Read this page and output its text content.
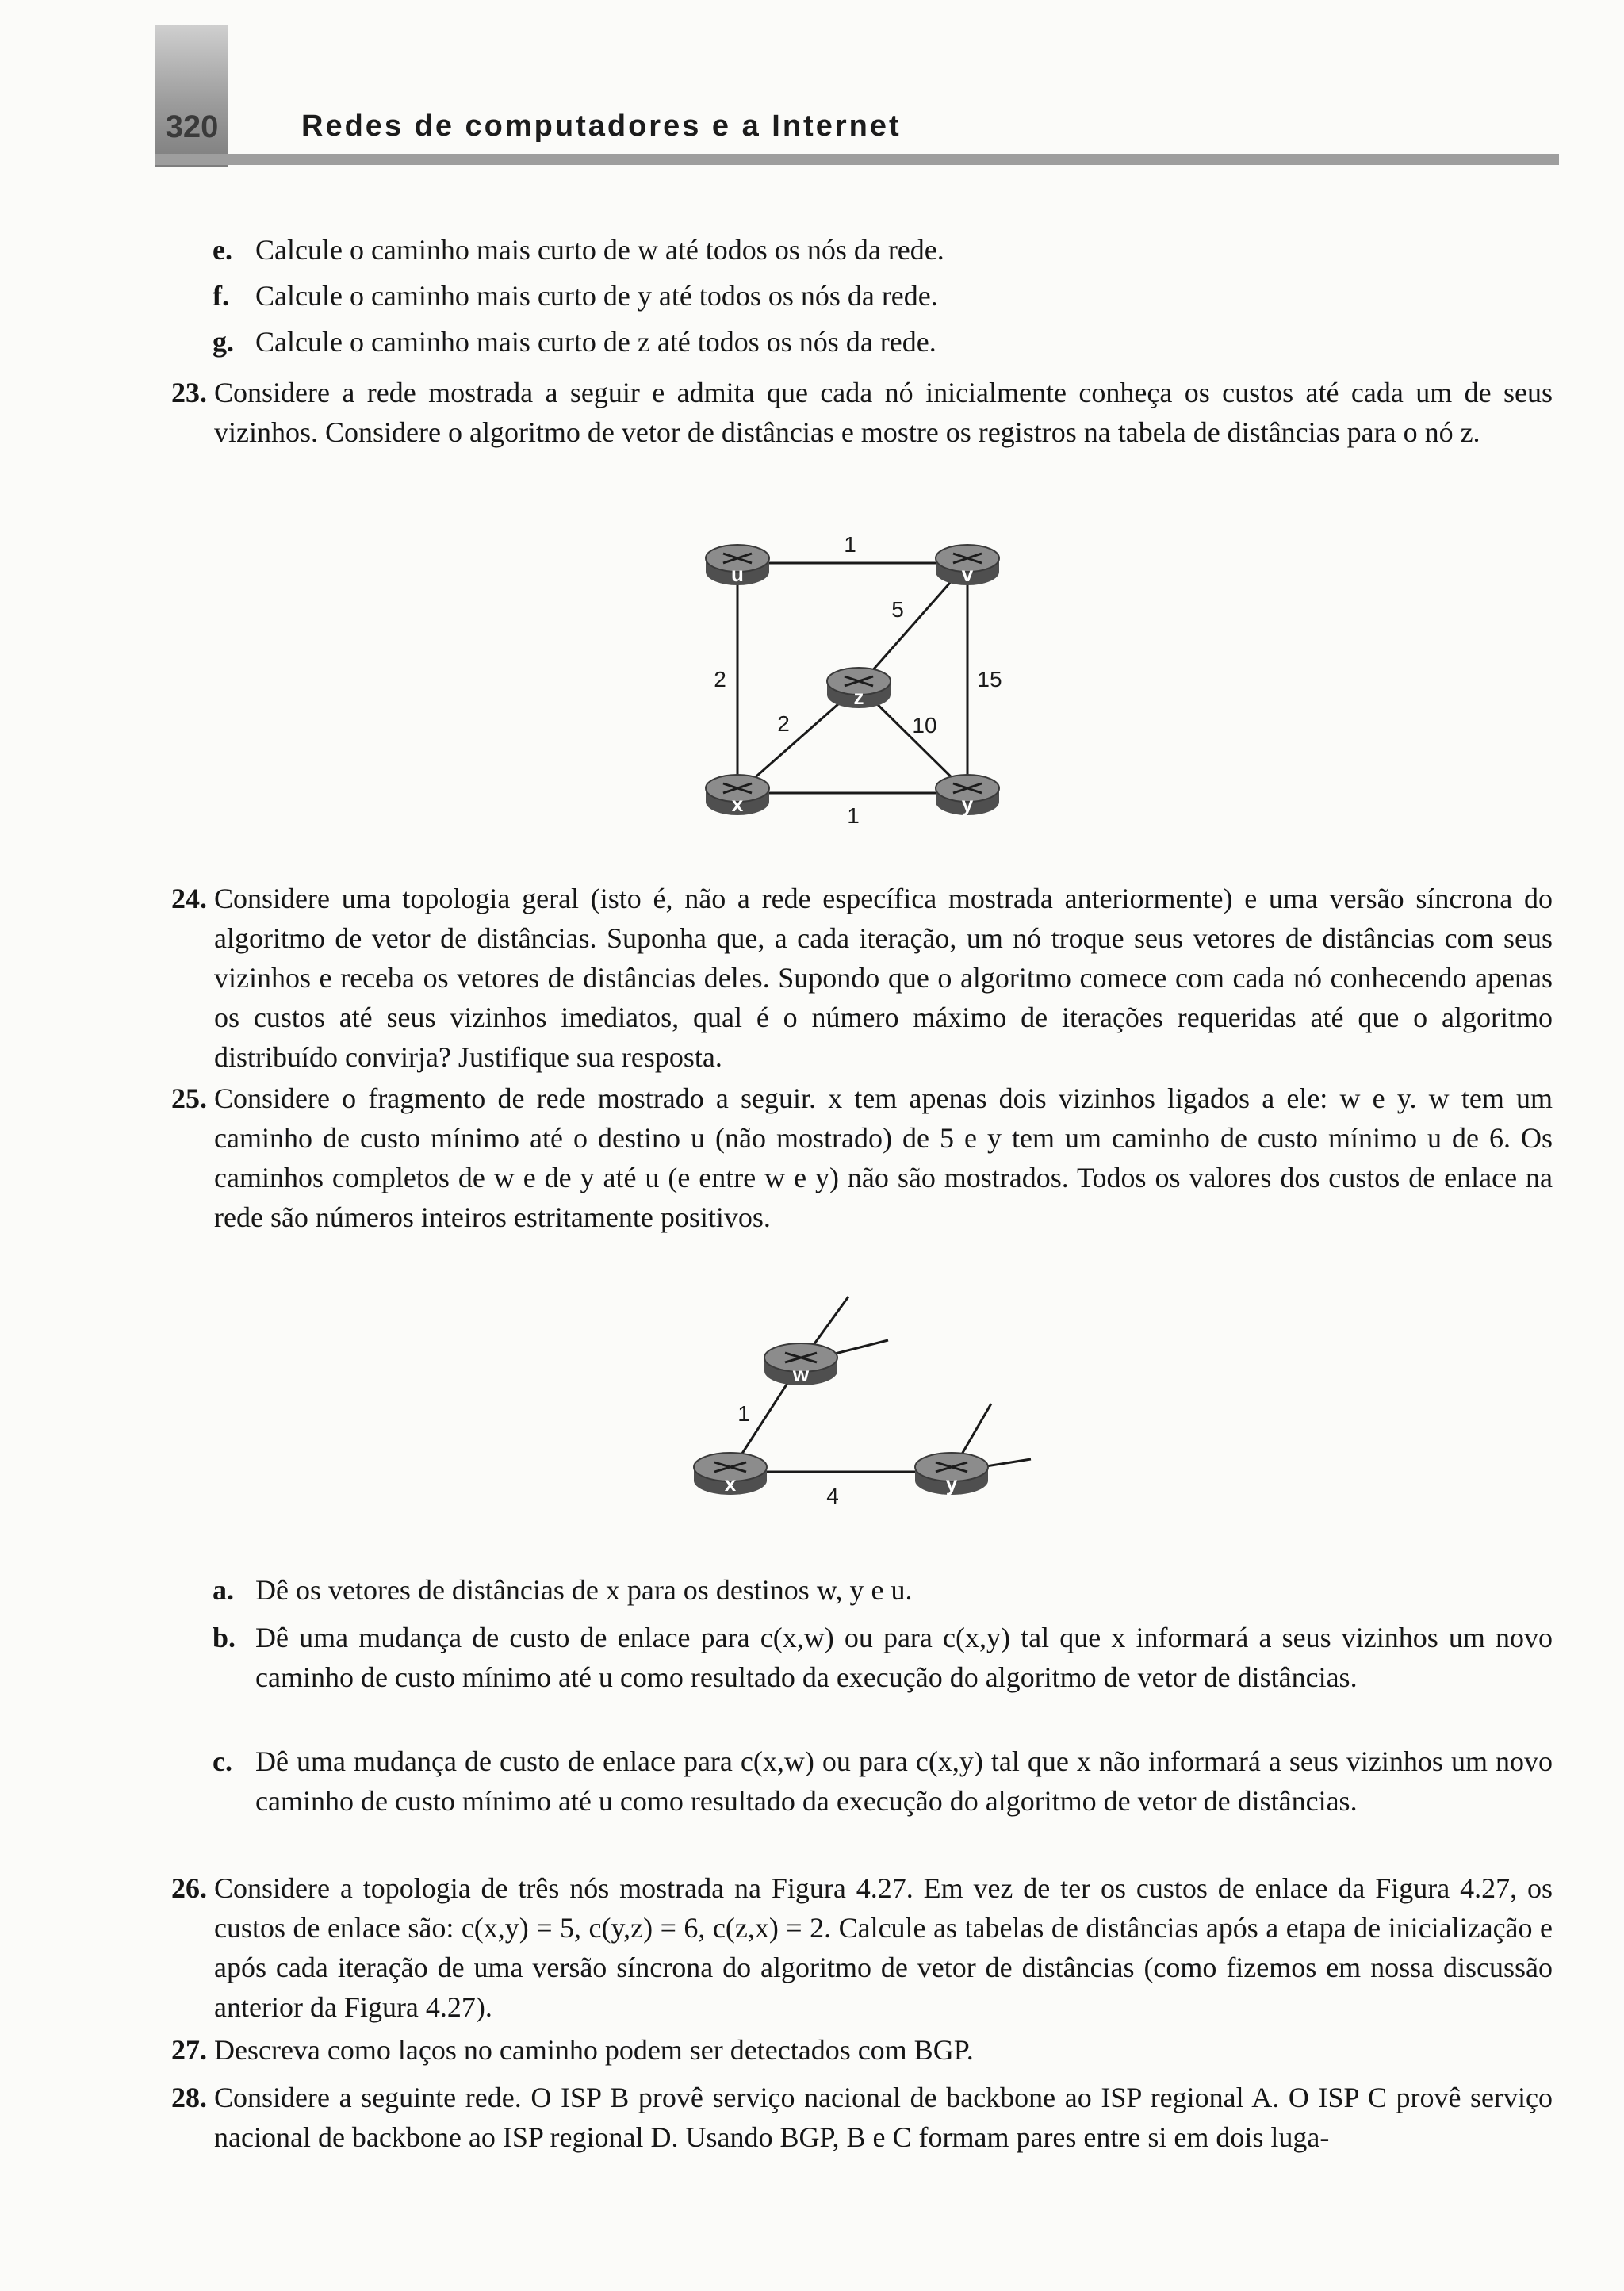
320	Redes de computadores e a Internet
e. Calcule o caminho mais curto de w até todos os nós da rede.
f. Calcule o caminho mais curto de y até todos os nós da rede.
g. Calcule o caminho mais curto de z até todos os nós da rede.
23. Considere a rede mostrada a seguir e admita que cada nó inicialmente conheça os custos até cada um de seus vizinhos. Considere o algoritmo de vetor de distâncias e mostre os registros na tabela de distâncias para o nó z.
u	v
z
x	y
1
5
2	15
2	10
1
24. Considere uma topologia geral (isto é, não a rede específica mostrada anteriormente) e uma versão síncrona do algoritmo de vetor de distâncias. Suponha que, a cada iteração, um nó troque seus vetores de distâncias com seus vizinhos e receba os vetores de distâncias deles. Supondo que o algoritmo comece com cada nó conhecendo apenas os custos até seus vizinhos imediatos, qual é o número máximo de iterações requeridas até que o algoritmo distribuído convirja? Justifique sua resposta.
25. Considere o fragmento de rede mostrado a seguir. x tem apenas dois vizinhos ligados a ele: w e y. w tem um caminho de custo mínimo até o destino u (não mostrado) de 5 e y tem um caminho de custo mínimo u de 6. Os caminhos completos de w e de y até u (e entre w e y) não são mostrados. Todos os valores dos custos de enlace na rede são números inteiros estritamente positivos.
w
x	y
1
4
a. Dê os vetores de distâncias de x para os destinos w, y e u.
b. Dê uma mudança de custo de enlace para c(x,w) ou para c(x,y) tal que x informará a seus vizinhos um novo caminho de custo mínimo até u como resultado da execução do algoritmo de vetor de distâncias.
c. Dê uma mudança de custo de enlace para c(x,w) ou para c(x,y) tal que x não informará a seus vizinhos um novo caminho de custo mínimo até u como resultado da execução do algoritmo de vetor de distâncias.
26. Considere a topologia de três nós mostrada na Figura 4.27. Em vez de ter os custos de enlace da Figura 4.27, os custos de enlace são: c(x,y) = 5, c(y,z) = 6, c(z,x) = 2. Calcule as tabelas de distâncias após a etapa de inicialização e após cada iteração de uma versão síncrona do algoritmo de vetor de distâncias (como fizemos em nossa discussão anterior da Figura 4.27).
27. Descreva como laços no caminho podem ser detectados com BGP.
28. Considere a seguinte rede. O ISP B provê serviço nacional de backbone ao ISP regional A. O ISP C provê serviço nacional de backbone ao ISP regional D. Usando BGP, B e C formam pares entre si em dois luga-
